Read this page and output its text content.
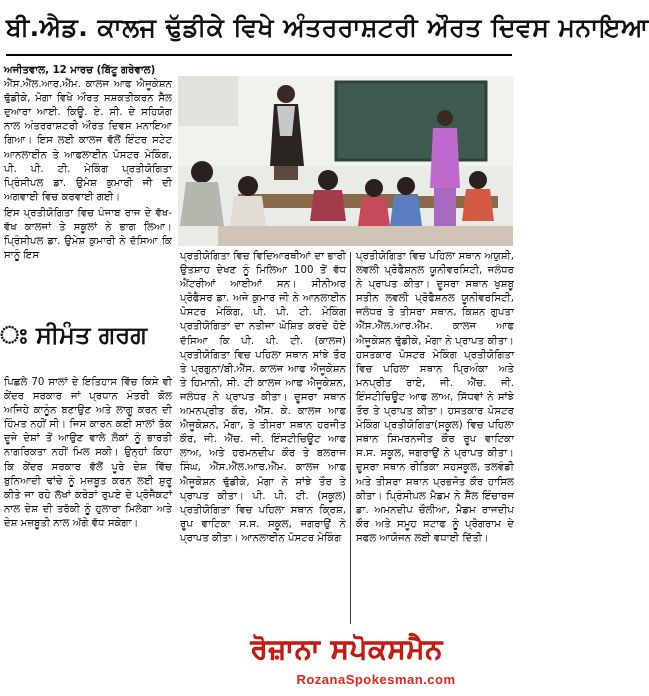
ਬੀ.ਐਡ. ਕਾਲਜ ਢੁੱਡੀਕੇ ਵਿਖੇ ਅੰਤਰਰਾਸ਼ਟਰੀ ਔਰਤ ਦਿਵਸ ਮਨਾਇਆ

ਅਜੀਤਵਾਲ, 12 ਮਾਰਚ (ਬਿੱਟੂ ਗਰੇਵਾਲ)

ਐੱਸ.ਐੱਲ.ਆਰ.ਐੱਮ. ਕਾਲਜ ਆਫ ਐਜੂਕੇਸ਼ਨ ਢੁੱਡੀਕੇ, ਮੋਗਾ ਵਿਖੇ ਔਰਤ ਸਸ਼ਕਤੀਕਰਨ ਸੈੱਲ ਦੁਆਰਾ ਆਈ. ਕਿਊ. ਏ. ਸੀ. ਦੇ ਸਹਿਯੋਗ ਨਾਲ ਅੰਤਰਰਾਸ਼ਟਰੀ ਔਰਤ ਦਿਵਸ ਮਨਾਇਆ ਗਿਆ। ਇਸ ਲਈ ਕਾਲਜ ਵੱਲੋਂ ਇੰਟਰ ਸਟੇਟ ਆਨਲਾਈਨ ਤੇ ਆਫਲਾਈਨ ਪੋਸਟਰ ਮੇਕਿੰਗ, ਪੀ. ਪੀ. ਟੀ. ਮੇਕਿੰਗ ਪ੍ਰਤੀਯੋਗਿਤਾ ਪ੍ਰਿੰਸੀਪਲ ਡਾ. ਉਮੇਸ਼ ਕੁਮਾਰੀ ਜੀ ਦੀ ਅਗਵਾਈ ਵਿਚ ਕਰਵਾਈ ਗਈ।

ਇਸ ਪ੍ਰਤੀਯੋਗਿਤਾ ਵਿਚ ਪੰਜਾਬ ਰਾਜ ਦੇ ਵੱਖ-ਵੱਖ ਕਾਲਜਾਂ ਤੇ ਸਕੂਲਾਂ ਨੇ ਭਾਗ ਲਿਆ। ਪ੍ਰਿੰਸੀਪਲ ਡਾ. ਉਮੇਸ਼ ਕੁਮਾਰੀ ਨੇ ਦੱਸਿਆ ਕਿ ਸਾਨੂੰ ਇਸ

ਃ ਸੀਮੰਤ ਗਰਗ

ਪਿਛਲੇ 70 ਸਾਲਾਂ ਦੇ ਇਤਿਹਾਸ ਵਿੱਚ ਕਿਸੇ ਵੀ ਕੇਂਦਰ ਸਰਕਾਰ ਜਾਂ ਪ੍ਰਧਾਨ ਮੰਤਰੀ ਕੋਲ ਅਜਿਹੇ ਕਾਨੂੰਨ ਬਣਾਉਣ ਅਤੇ ਲਾਗੂ ਕਰਨ ਦੀ ਹਿੰਮਤ ਨਹੀਂ ਸੀ। ਜਿਸ ਕਾਰਨ ਕਈ ਸਾਲਾਂ ਤੱਕ ਦੂਜੇ ਦੇਸ਼ਾਂ ਤੋਂ ਆਉਣ ਵਾਲੇ ਲੋਕਾਂ ਨੂੰ ਭਾਰਤੀ ਨਾਗਰਿਕਤਾ ਨਹੀਂ ਮਿਲ ਸਕੀ। ਉਨ੍ਹਾਂ ਕਿਹਾ ਕਿ ਕੇਂਦਰ ਸਰਕਾਰ ਵੱਲੋਂ ਪੂਰੇ ਦੇਸ਼ ਵਿੱਚ ਬੁਨਿਆਦੀ ਢਾਂਚੇ ਨੂੰ ਮਜ਼ਬੂਤ ਕਰਨ ਲਈ ਸ਼ੁਰੂ ਕੀਤੇ ਜਾ ਰਹੇ ਲੱਖਾਂ ਕਰੋੜਾਂ ਰੁਪਏ ਦੇ ਪ੍ਰੋਜੈਕਟਾਂ ਨਾਲ ਦੇਸ਼ ਦੀ ਤਰੱਕੀ ਨੂੰ ਹੁਲਾਰਾ ਮਿਲੇਗਾ ਅਤੇ ਦੇਸ਼ ਮਜ਼ਬੂਤੀ ਨਾਲ ਅੱਗੇ ਵੱਧ ਸਕੇਗਾ।

ਪ੍ਰਤੀਯੋਗਿਤਾ ਵਿਚ ਵਿਦਿਆਰਥੀਆਂ ਦਾ ਭਾਰੀ ਉਤਸ਼ਾਹ ਦੇਖਣ ਨੂੰ ਮਿਲਿਆ 100 ਤੋਂ ਵੱਧ ਐਂਟਰੀਆਂ ਆਈਆਂ ਸਨ। ਸੀਨੀਅਰ ਪ੍ਰੋਫੈਸਰ ਡਾ. ਅਜੇ ਕੁਮਾਰ ਜੀ ਨੇ ਆਨਲਾਈਨ ਪੋਸਟਰ ਮੇਕਿੰਗ, ਪੀ. ਪੀ. ਟੀ. ਮੇਕਿੰਗ ਪ੍ਰਤੀਯੋਗਿਤਾ ਦਾ ਨਤੀਜਾ ਘੋਸ਼ਿਤ ਕਰਦੇ ਹੋਏ ਦੱਸਿਆ ਕਿ ਪੀ. ਪੀ. ਟੀ. (ਕਾਲਜ) ਪ੍ਰਤੀਯੋਗਿਤਾ ਵਿਚ ਪਹਿਲਾ ਸਥਾਨ ਸਾਂਝੇ ਤੌਰ ਤੇ ਪ੍ਰਗੁਨਾ/ਬੀ.ਐੱਸ. ਕਾਲਜ ਆਫ ਐਜੂਕੇਸ਼ਨ ਤੇ ਹਿਮਾਨੀ, ਸੀ. ਟੀ ਕਾਲਜ ਆਫ ਐਜੂਕੇਸ਼ਨ, ਜਲੰਧਰ ਨੇ ਪ੍ਰਾਪਤ ਕੀਤਾ। ਦੂਸਰਾ ਸਥਾਨ ਅਮਨਪ੍ਰੀਤ ਕੌਰ, ਐੱਸ. ਕੇ. ਕਾਲਜ ਆਫ ਐਜੂਕੇਸ਼ਨ, ਮੋਗਾ, ਤੇ ਤੀਸਰਾ ਸਥਾਨ ਹਰਜੀਤ ਕੌਰ, ਜੀ. ਐੱਚ. ਜੀ. ਇੰਸਟੀਚਿਊਟ ਆਫ ਲਾਅ, ਅਤੇ ਹਰਮਨਦੀਪ ਕੌਰ ਤੇ ਬਲਰਾਜ ਸਿੰਘ, ਐੱਸ.ਐੱਲ.ਆਰ.ਐੱਮ. ਕਾਲਜ ਆਫ ਐਜੂਕੇਸ਼ਨ ਢੁੱਡੀਕੇ, ਮੋਗਾ ਨੇ ਸਾਂਝੇ ਤੌਰ ਤੇ ਪ੍ਰਾਪਤ ਕੀਤਾ। ਪੀ. ਪੀ. ਟੀ. (ਸਕੂਲ) ਪ੍ਰਤੀਯੋਗਿਤਾ ਵਿਚ ਪਹਿਲਾ ਸਥਾਨ ਕ੍ਰਿਸ਼, ਰੂਪ ਵਾਟਿਕਾ ਸ.ਸ. ਸਕੂਲ, ਜਗਰਾਉਂ ਨੇ ਪ੍ਰਾਪਤ ਕੀਤਾ। ਆਨਲਾਈਨ ਪੋਸਟਰ ਮੇਕਿੰਗ

ਪ੍ਰਤੀਯੋਗਿਤਾ ਵਿਚ ਪਹਿਲਾ ਸਥਾਨ ਅਯੁਸ਼ੀ, ਲਵਲੀ ਪ੍ਰੋਫੈਸ਼ਨਲ ਯੂਨੀਵਰਸਿਟੀ, ਜਲੰਧਰ ਨੇ ਪ੍ਰਾਪਤ ਕੀਤਾ। ਦੂਸਰਾ ਸਥਾਨ ਖੁਸ਼ਬੂ ਸਤੀਨ ਲਵਲੀ ਪ੍ਰੋਫੈਸ਼ਨਲ ਯੂਨੀਵਰਸਿਟੀ, ਜਲੰਧਰ ਤੇ ਤੀਸਰਾ ਸਥਾਨ, ਕਿਸ਼ਨ ਗੁਪਤਾ ਐੱਸ.ਐੱਲ.ਆਰ.ਐੱਮ. ਕਾਲਜ ਆਫ ਐਜੂਕੇਸ਼ਨ ਢੁੱਡੀਕੇ, ਮੋਗਾ ਨੇ ਪ੍ਰਾਪਤ ਕੀਤਾ। ਹਸਤਕਾਰ ਪੋਸਟਰ ਮੇਕਿੰਗ ਪ੍ਰਤੀਯੋਗਿਤਾ ਵਿਚ ਪਹਿਲਾ ਸਥਾਨ ਪ੍ਰਿਅੰਕਾ ਅਤੇ ਮਨਪ੍ਰੀਤ ਰਾਏ, ਜੀ. ਐੱਚ. ਜੀ. ਇੰਸਟੀਚਿਊਟ ਆਫ ਲਾਅ, ਸਿੱਧਵਾਂ ਨੇ ਸਾਂਝੇ ਤੌਰ ਤੇ ਪ੍ਰਾਪਤ ਕੀਤਾ। ਹਸਤਕਾਰ ਪੋਸਟਰ ਮੇਕਿੰਗ ਪ੍ਰਤੀਯੋਗਿਤਾ(ਸਕੂਲ) ਵਿਚ ਪਹਿਲਾ ਸਥਾਨ ਸਿਮਰਨਜੀਤ ਕੌਰ ਰੂਪ ਵਾਟਿਕਾ ਸ.ਸ. ਸਕੂਲ, ਜਗਰਾਉਂ ਨੇ ਪ੍ਰਾਪਤ ਕੀਤਾ। ਦੂਸਰਾ ਸਥਾਨ ਰੀਤਿਕਾ ਸਹਸਕੂਲ, ਤਲਵੰਡੀ ਅਤੇ ਤੀਸਰਾ ਸਥਾਨ ਪ੍ਰਭਜੋਤ ਕੌਰ ਹਾਸਿਲ ਕੀਤਾ। ਪ੍ਰਿੰਸੀਪਲ ਮੈਡਮ ਨੇ ਸੈੱਲ ਇੰਚਾਰਜ ਡਾ. ਅਮਨਦੀਪ ਚੌਲੀਆ, ਮੈਡਮ ਰਾਜਦੀਪ ਕੌਰ ਅਤੇ ਸਮੂਹ ਸਟਾਫ ਨੂੰ ਪ੍ਰੋਗਰਾਮ ਦੇ ਸਫਲ ਆਯੋਜਨ ਲਈ ਵਧਾਈ ਦਿੱਤੀ।

ਰੋਜ਼ਾਨਾ ਸਪੋਕਸਮੈਨ
RozanaSpokesman.com
